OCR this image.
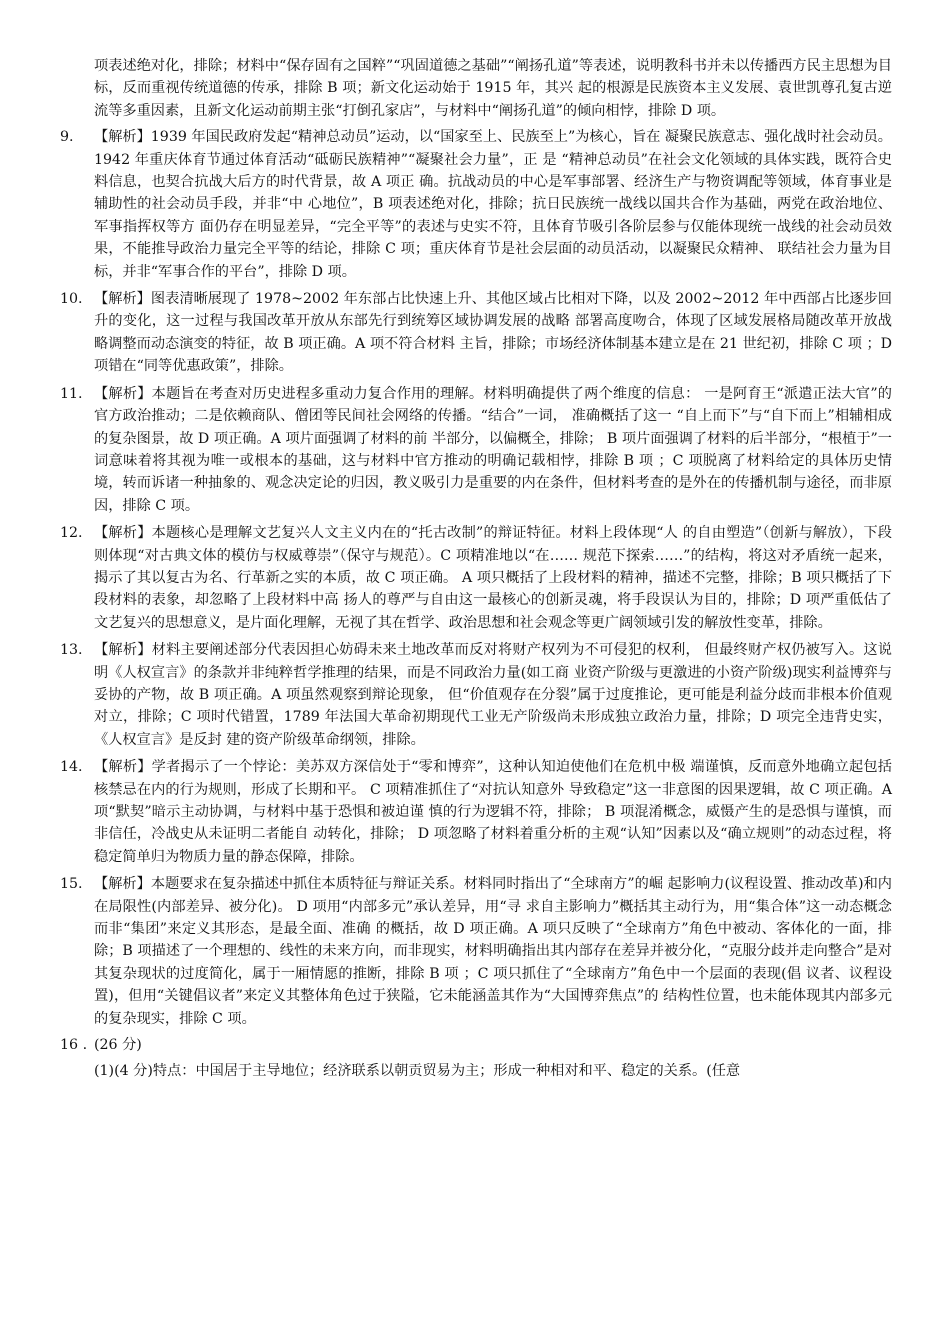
项表述绝对化，排除；材料中“保存固有之国粹”“巩固道德之基础”“阐扬孔道”等表述，说明教科书并未以传播西方民主思想为目标，反而重视传统道德的传承，排除 B 项；新文化运动始于 1915 年，其兴 起的根源是民族资本主义发展、袁世凯尊孔复古逆流等多重因素，且新文化运动前期主张“打倒孔家店”，与材料中“阐扬孔道”的倾向相悖，排除 D 项。
9. 【解析】1939 年国民政府发起“精神总动员”运动，以“国家至上、民族至上”为核心，旨在 凝聚民族意志、强化战时社会动员。1942 年重庆体育节通过体育活动“砥砺民族精神”“凝聚社会力量”，正 是 “精神总动员”在社会文化领域的具体实践，既符合史料信息，也契合抗战大后方的时代背景，故 A 项正 确。抗战动员的中心是军事部署、经济生产与物资调配等领域，体育事业是辅助性的社会动员手段，并非“中 心地位”，B 项表述绝对化，排除；抗日民族统一战线以国共合作为基础，两党在政治地位、军事指挥权等方 面仍存在明显差异，“完全平等”的表述与史实不符，且体育节吸引各阶层参与仅能体现统一战线的社会动员效果，不能推导政治力量完全平等的结论，排除 C 项；重庆体育节是社会层面的动员活动，以凝聚民众精神、 联结社会力量为目标，并非“军事合作的平台”，排除 D 项。
10. 【解析】图表清晰展现了 1978~2002 年东部占比快速上升、其他区域占比相对下降，以及 2002~2012 年中西部占比逐步回升的变化，这一过程与我国改革开放从东部先行到统筹区域协调发展的战略 部署高度吻合，体现了区域发展格局随改革开放战略调整而动态演变的特征，故 B 项正确。A 项不符合材料 主旨，排除；市场经济体制基本建立是在 21 世纪初，排除 C 项 ；D 项错在“同等优惠政策”，排除。
11. 【解析】本题旨在考查对历史进程多重动力复合作用的理解。材料明确提供了两个维度的信息： 一是阿育王“派遣正法大官”的官方政治推动；二是依赖商队、僧团等民间社会网络的传播。“结合”一词， 准确概括了这一 “自上而下”与“自下而上”相辅相成的复杂图景，故 D 项正确。A 项片面强调了材料的前 半部分，以偏概全，排除； B 项片面强调了材料的后半部分，“根植于”一词意味着将其视为唯一或根本的基础，这与材料中官方推动的明确记载相悖，排除 B 项 ；C 项脱离了材料给定的具体历史情境，转而诉诸一种抽象的、观念决定论的归因，教义吸引力是重要的内在条件，但材料考查的是外在的传播机制与途径，而非原因，排除 C 项。
12. 【解析】本题核心是理解文艺复兴人文主义内在的“托古改制”的辩证特征。材料上段体现“人 的自由塑造”（创新与解放），下段则体现“对古典文体的模仿与权威尊崇”（保守与规范）。C 项精准地以“在…… 规范下探索……”的结构，将这对矛盾统一起来，揭示了其以复古为名、行革新之实的本质，故 C 项正确。 A 项只概括了上段材料的精神，描述不完整，排除；B 项只概括了下段材料的表象，却忽略了上段材料中高 扬人的尊严与自由这一最核心的创新灵魂，将手段误认为目的，排除；D 项严重低估了文艺复兴的思想意义，是片面化理解，无视了其在哲学、政治思想和社会观念等更广阔领域引发的解放性变革，排除。
13. 【解析】材料主要阐述部分代表因担心妨碍未来土地改革而反对将财产权列为不可侵犯的权利， 但最终财产权仍被写入。这说明《人权宣言》的条款并非纯粹哲学推理的结果，而是不同政治力量(如工商 业资产阶级与更激进的小资产阶级)现实利益博弈与妥协的产物，故 B 项正确。A 项虽然观察到辩论现象， 但“价值观存在分裂”属于过度推论，更可能是利益分歧而非根本价值观对立，排除；C 项时代错置，1789 年法国大革命初期现代工业无产阶级尚未形成独立政治力量，排除；D 项完全违背史实，《人权宣言》是反封 建的资产阶级革命纲领，排除。
14. 【解析】学者揭示了一个悖论：美苏双方深信处于“零和博弈”，这种认知迫使他们在危机中极 端谨慎，反而意外地确立起包括核禁忌在内的行为规则，形成了长期和平。 C 项精准抓住了“对抗认知意外 导致稳定”这一非意图的因果逻辑，故 C 项正确。A 项“默契”暗示主动协调，与材料中基于恐惧和被迫谨 慎的行为逻辑不符，排除； B 项混淆概念，威慑产生的是恐惧与谨慎，而非信任，冷战史从未证明二者能自 动转化，排除； D 项忽略了材料着重分析的主观“认知”因素以及“确立规则”的动态过程，将稳定简单归为物质力量的静态保障，排除。
15. 【解析】本题要求在复杂描述中抓住本质特征与辩证关系。材料同时指出了“全球南方”的崛 起影响力(议程设置、推动改革)和内在局限性(内部差异、被分化)。 D 项用“内部多元”承认差异，用“寻 求自主影响力”概括其主动行为，用“集合体”这一动态概念而非“集团”来定义其形态，是最全面、准确 的概括，故 D 项正确。A 项只反映了“全球南方”角色中被动、客体化的一面，排除；B 项描述了一个理想的、线性的未来方向，而非现实，材料明确指出其内部存在差异并被分化，“克服分歧并走向整合”是对其复杂现状的过度简化，属于一厢情愿的推断，排除 B 项 ；C 项只抓住了“全球南方”角色中一个层面的表现(倡 议者、议程设置)，但用“关键倡议者”来定义其整体角色过于狭隘，它未能涵盖其作为“大国博弈焦点”的 结构性位置，也未能体现其内部多元的复杂现实，排除 C 项。
16 . (26 分)
(1)(4 分)特点：中国居于主导地位；经济联系以朝贡贸易为主；形成一种相对和平、稳定的关系。(任意
